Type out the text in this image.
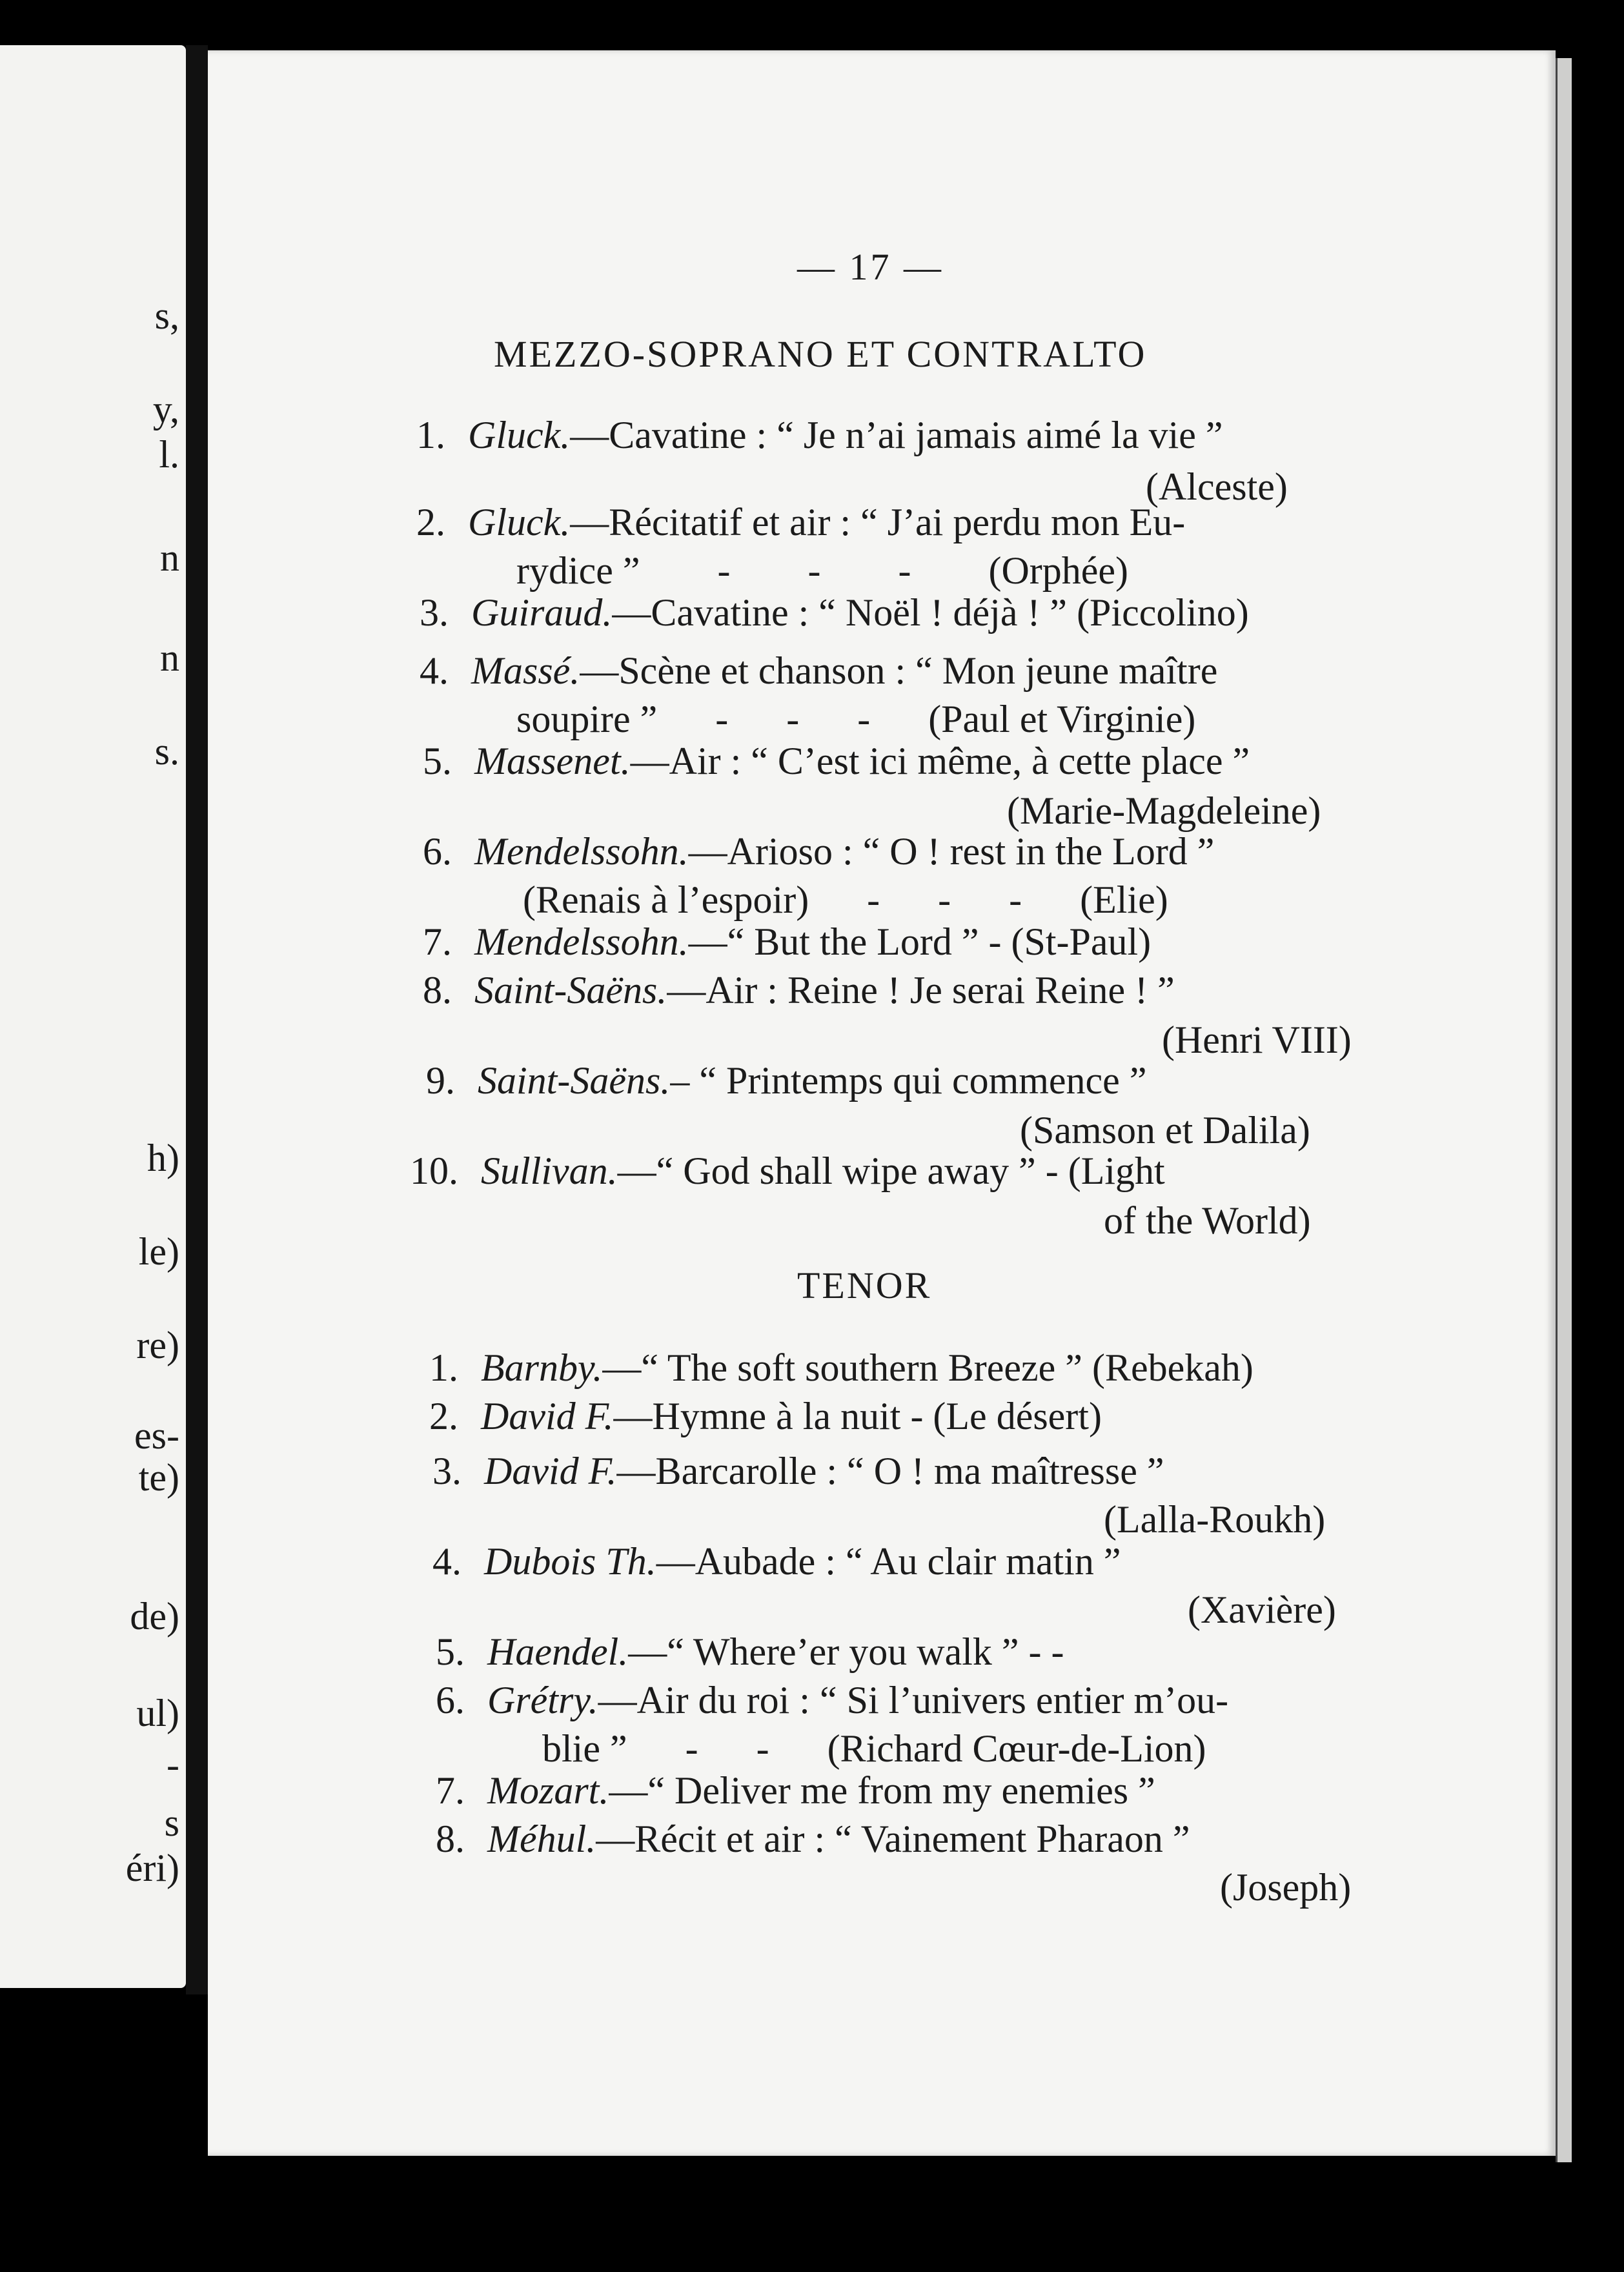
s,
y,
l.
n
n
s.
h)
le)
re)
es-
te)
de)
ul)
-
s
éri)
— 17 —
MEZZO-SOPRANO ET CONTRALTO
TENOR
1. Gluck.—Cavatine : “ Je n’ai jamais aimé la vie ”
(Alceste)
2. Gluck.—Récitatif et air : “ J’ai perdu mon Eu-
rydice ”        -        -        -        (Orphée)
3. Guiraud.—Cavatine : “ Noël ! déjà ! ” (Piccolino)
4. Massé.—Scène et chanson : “ Mon jeune maître
soupire ”      -      -      -      (Paul et Virginie)
5. Massenet.—Air : “ C’est ici même, à cette place ”
(Marie-Magdeleine)
6. Mendelssohn.—Arioso : “ O ! rest in the Lord ”
(Renais à l’espoir)      -      -      -      (Elie)
7. Mendelssohn.—“ But the Lord ” - (St-Paul)
8. Saint-Saëns.—Air : Reine ! Je serai Reine ! ”
(Henri VIII)
9. Saint-Saëns.– “ Printemps qui commence ”
(Samson et Dalila)
10. Sullivan.—“ God shall wipe away ” - (Light
of the World)
1. Barnby.—“ The soft southern Breeze ” (Rebekah)
2. David F.—Hymne à la nuit - (Le désert)
3. David F.—Barcarolle : “ O ! ma maîtresse ”
(Lalla-Roukh)
4. Dubois Th.—Aubade : “ Au clair matin ”
(Xavière)
5. Haendel.—“ Where’er you walk ” - -
6. Grétry.—Air du roi : “ Si l’univers entier m’ou-
blie ”      -      -      (Richard Cœur-de-Lion)
7. Mozart.—“ Deliver me from my enemies ”
8. Méhul.—Récit et air : “ Vainement Pharaon ”
(Joseph)
